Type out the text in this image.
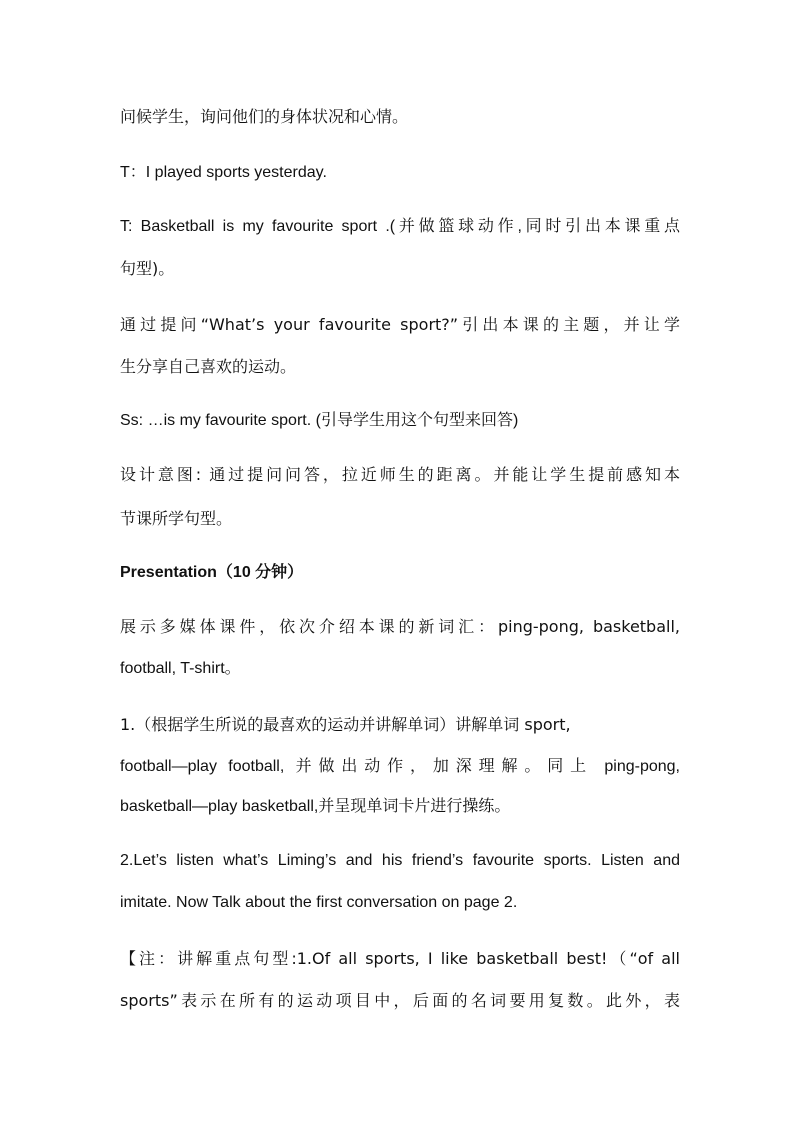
问候学生，询问他们的身体状况和心情。
T：I played sports yesterday.
T: Basketball is my favourite sport .(并做篮球动作,同时引出本课重点
句型)。
通过提问“What’s your favourite sport?”引出本课的主题，并让学
生分享自己喜欢的运动。
Ss: …is my favourite sport. (引导学生用这个句型来回答)
设计意图: 通过提问问答，拉近师生的距离。并能让学生提前感知本
节课所学句型。
Presentation（10 分钟）
展示多媒体课件，依次介绍本课的新词汇：ping-pong, basketball,
football, T-shirt。
1.（根据学生所说的最喜欢的运动并讲解单词）讲解单词 sport,
football—play football, 并做出动作，加深理解。同上 ping-pong,
basketball—play basketball,并呈现单词卡片进行操练。
2.Let’s listen what’s Liming’s and his friend’s favourite sports. Listen and
imitate. Now Talk about the first conversation on page 2.
【注：讲解重点句型:1.Of all sports, I like basketball best!（“of all
sports”表示在所有的运动项目中，后面的名词要用复数。此外，表
